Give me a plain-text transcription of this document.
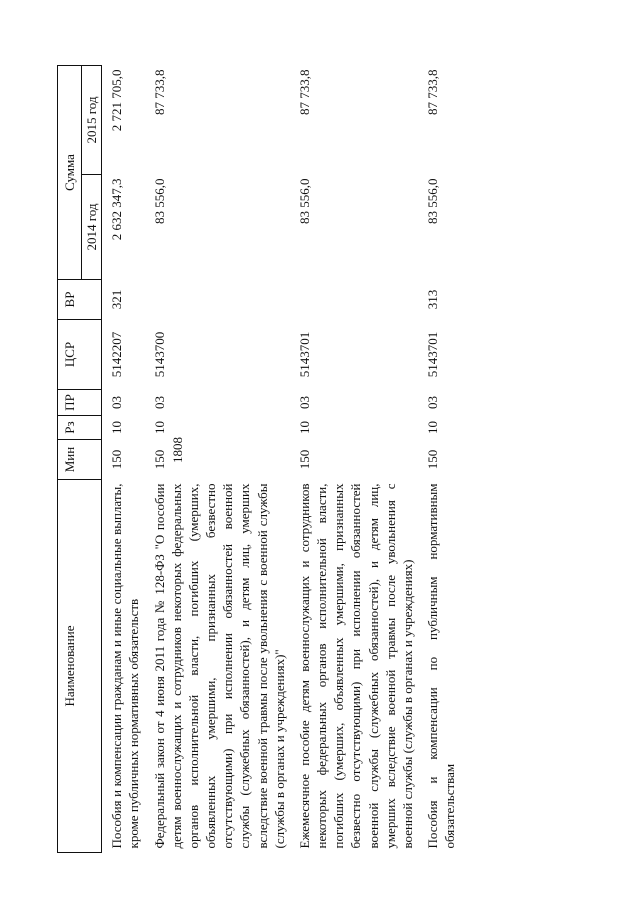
1808
Наименование	Мин	Рз	ПР	ЦСР	ВР	Сумма	
						2014 год	2015 год
Пособия и компенсации гражданам и иные социальные выплаты, кроме публичных нормативных обязательств	150	10	03	5142207	321	2 632 347,3	2 721 705,0
Федеральный закон от 4 июня 2011 года № 128-ФЗ "О пособии детям военнослужащих и сотрудников некоторых федеральных органов исполнительной власти, погибших (умерших, объявленных умершими, признанных безвестно отсутствующими) при исполнении обязанностей военной службы (служебных обязанностей), и детям лиц, умерших вследствие военной травмы после увольнения с военной службы (службы в органах и учреждениях)"	150	10	03	5143700		83 556,0	87 733,8
Ежемесячное пособие детям военнослужащих и сотрудников некоторых федеральных органов исполнительной власти, погибших (умерших, объявленных умершими, признанных безвестно отсутствующими) при исполнении обязанностей военной службы (служебных обязанностей), и детям лиц, умерших вследствие военной травмы после увольнения с военной службы (службы в органах и учреждениях)	150	10	03	5143701		83 556,0	87 733,8
Пособия и компенсации по публичным нормативным обязательствам	150	10	03	5143701	313	83 556,0	87 733,8
